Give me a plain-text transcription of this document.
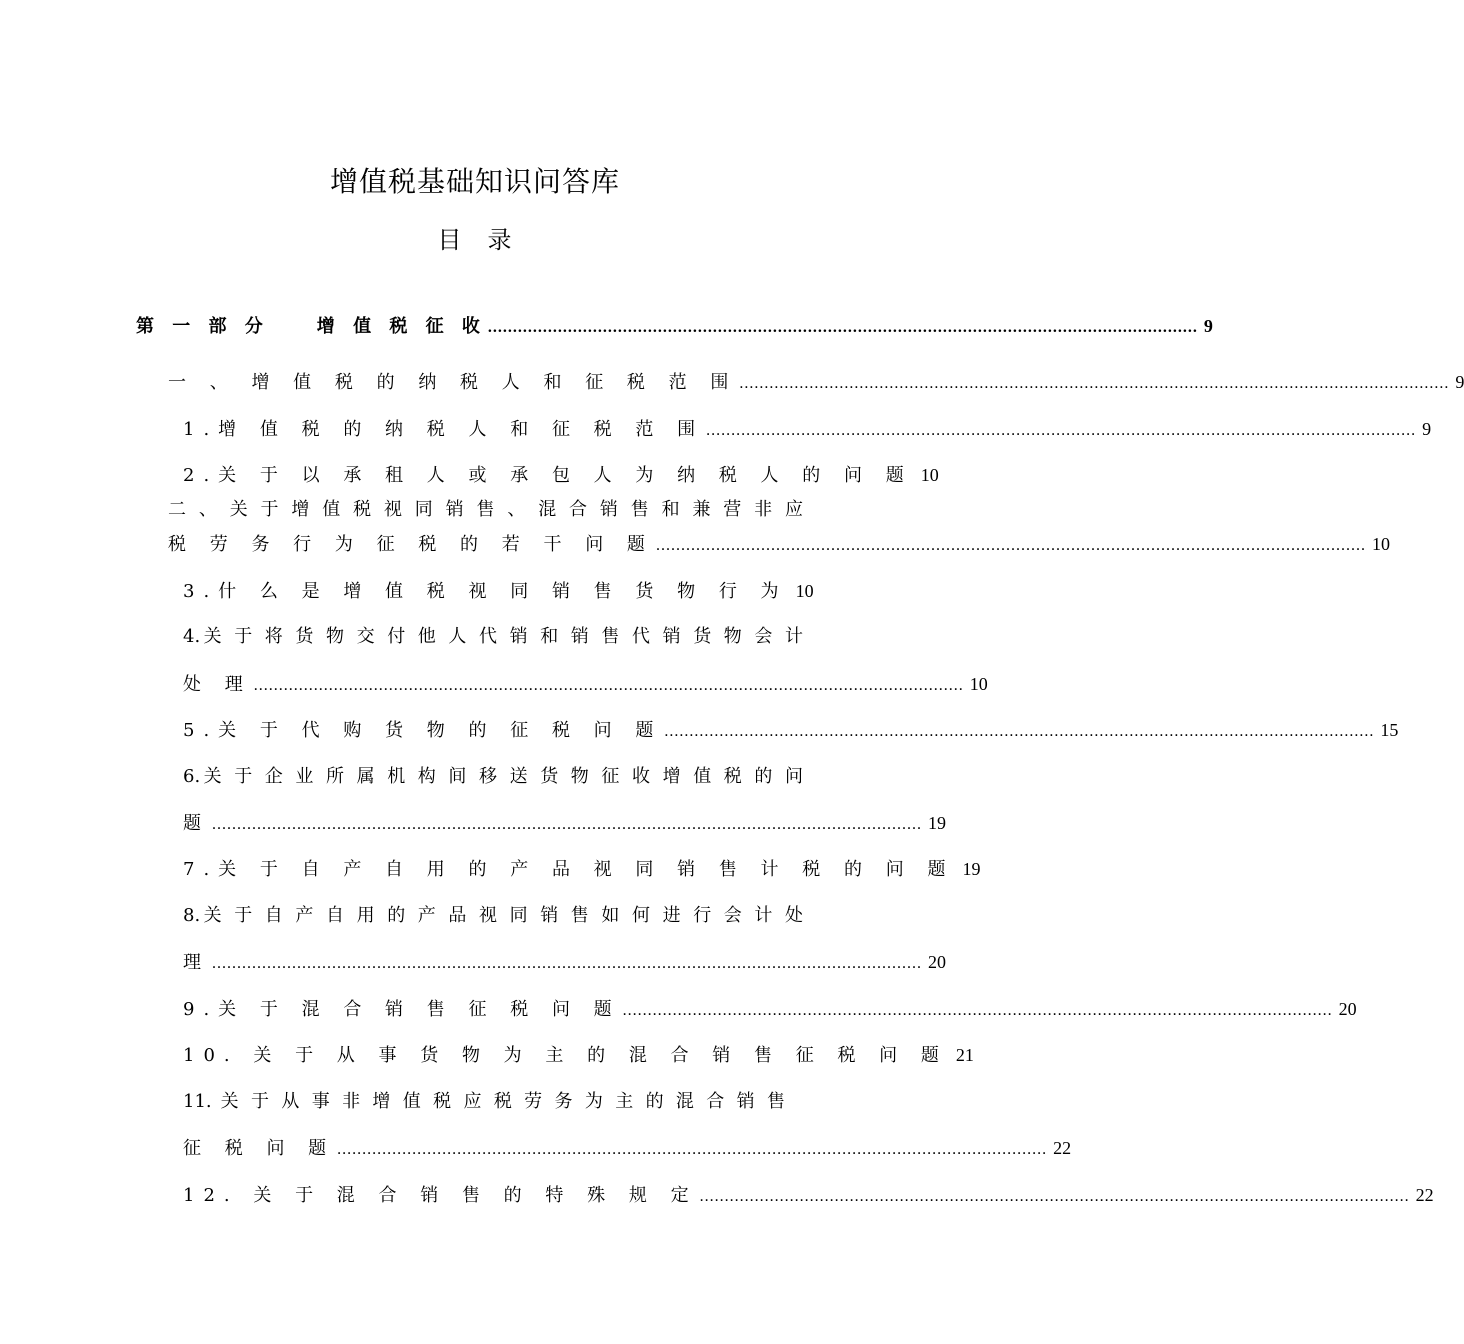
增值税基础知识问答库
目　录
第 一 部 分　　增 值 税 征 收 .............................................................................................................................................. 9
一 、 增 值 税 的 纳 税 人 和 征 税 范 围 .............................................................................................................................................. 9
1.增 值 税 的 纳 税 人 和 征 税 范 围 .............................................................................................................................................. 9
2.关 于 以 承 租 人 或 承 包 人 为 纳 税 人 的 问 题 10
二 、 关 于 增 值 税 视 同 销 售 、 混 合 销 售 和 兼 营 非 应
税 劳 务 行 为 征 税 的 若 干 问 题 .............................................................................................................................................. 10
3.什 么 是 增 值 税 视 同 销 售 货 物 行 为 10
4.关 于 将 货 物 交 付 他 人 代 销 和 销 售 代 销 货 物 会 计
处 理 .............................................................................................................................................. 10
5.关 于 代 购 货 物 的 征 税 问 题 .............................................................................................................................................. 15
6.关 于 企 业 所 属 机 构 间 移 送 货 物 征 收 增 值 税 的 问
题 .............................................................................................................................................. 19
7.关 于 自 产 自 用 的 产 品 视 同 销 售 计 税 的 问 题 19
8.关 于 自 产 自 用 的 产 品 视 同 销 售 如 何 进 行 会 计 处
理 .............................................................................................................................................. 20
9.关 于 混 合 销 售 征 税 问 题 .............................................................................................................................................. 20
10. 关 于 从 事 货 物 为 主 的 混 合 销 售 征 税 问 题 21
11. 关 于 从 事 非 增 值 税 应 税 劳 务 为 主 的 混 合 销 售
征 税 问 题 .............................................................................................................................................. 22
12. 关 于 混 合 销 售 的 特 殊 规 定 .............................................................................................................................................. 22
